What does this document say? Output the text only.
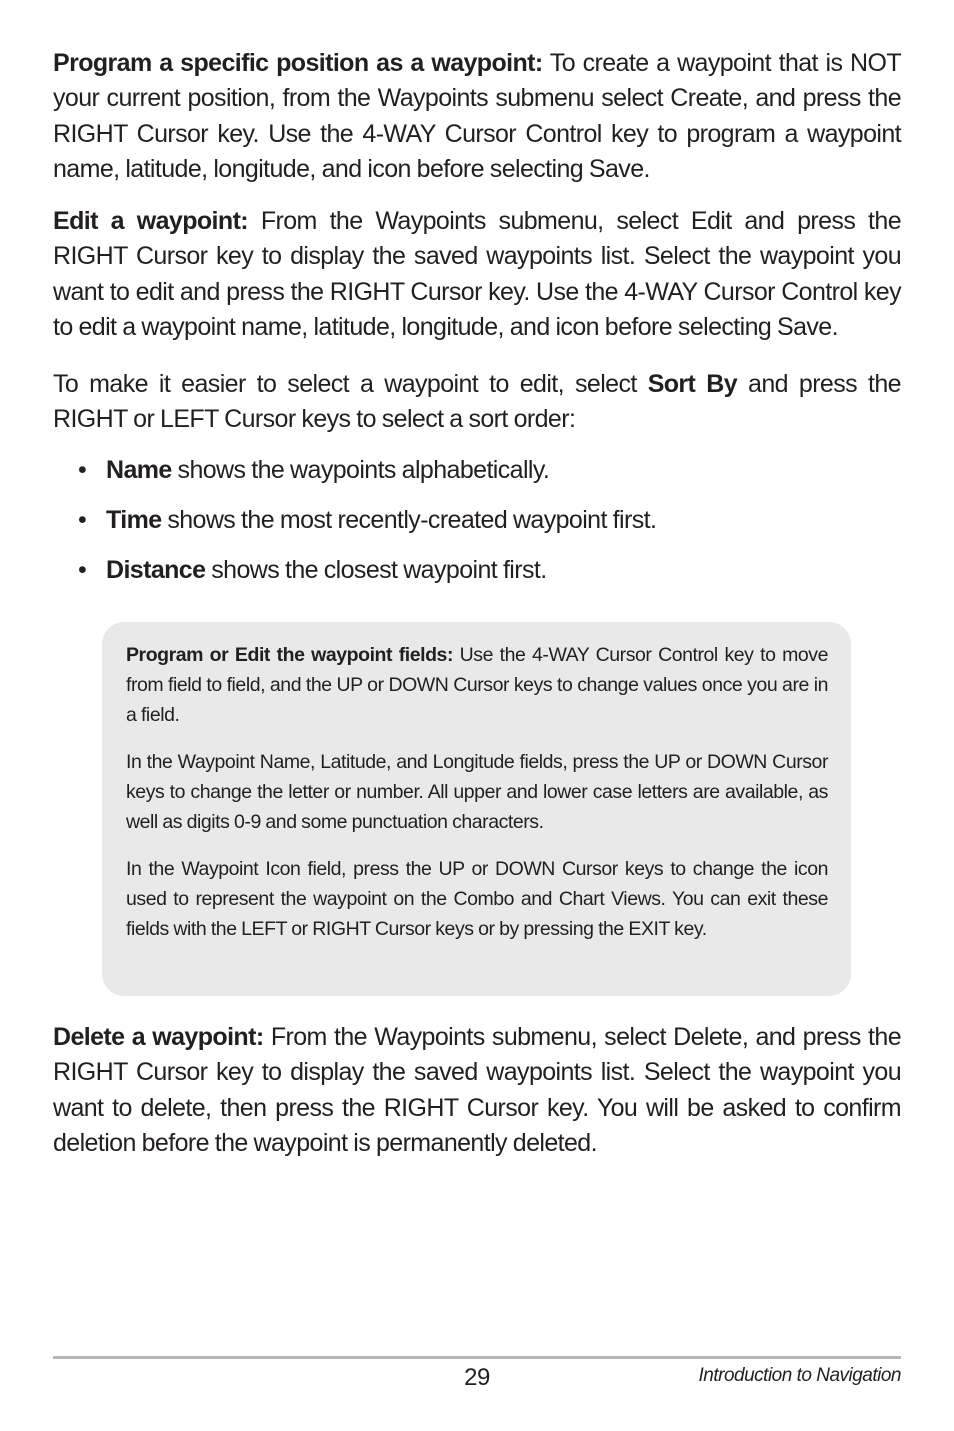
Program a specific position as a waypoint: To create a waypoint that is NOT your current position, from the Waypoints submenu select Create, and press the RIGHT Cursor key. Use the 4-WAY Cursor Control key to program a waypoint name, latitude, longitude, and icon before selecting Save.

Edit a waypoint: From the Waypoints submenu, select Edit and press the RIGHT Cursor key to display the saved waypoints list. Select the waypoint you want to edit and press the RIGHT Cursor key. Use the 4-WAY Cursor Control key to edit a waypoint name, latitude, longitude, and icon before selecting Save.

To make it easier to select a waypoint to edit, select Sort By and press the RIGHT or LEFT Cursor keys to select a sort order:

• Name shows the waypoints alphabetically.
• Time shows the most recently-created waypoint first.
• Distance shows the closest waypoint first.

Program or Edit the waypoint fields: Use the 4-WAY Cursor Control key to move from field to field, and the UP or DOWN Cursor keys to change values once you are in a field.

In the Waypoint Name, Latitude, and Longitude fields, press the UP or DOWN Cursor keys to change the letter or number. All upper and lower case letters are available, as well as digits 0-9 and some punctuation characters.

In the Waypoint Icon field, press the UP or DOWN Cursor keys to change the icon used to represent the waypoint on the Combo and Chart Views. You can exit these fields with the LEFT or RIGHT Cursor keys or by pressing the EXIT key.

Delete a waypoint: From the Waypoints submenu, select Delete, and press the RIGHT Cursor key to display the saved waypoints list. Select the waypoint you want to delete, then press the RIGHT Cursor key. You will be asked to confirm deletion before the waypoint is permanently deleted.

29	Introduction to Navigation
